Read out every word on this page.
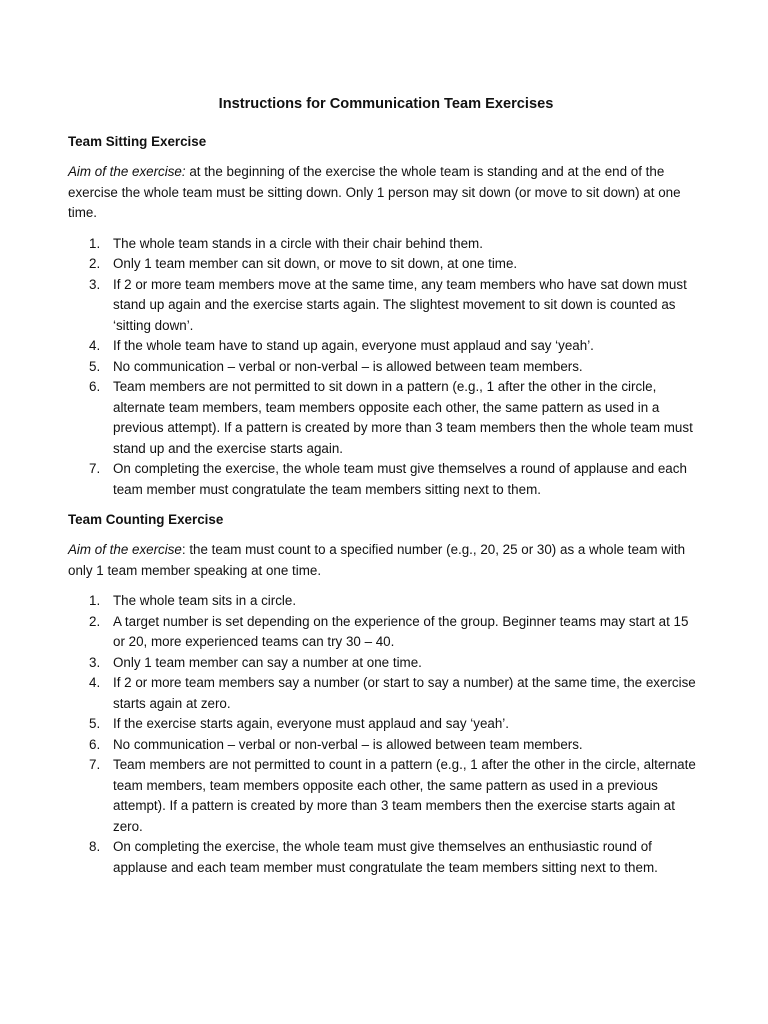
Instructions for Communication Team Exercises
Team Sitting Exercise

Aim of the exercise: at the beginning of the exercise the whole team is standing and at the end of the exercise the whole team must be sitting down. Only 1 person may sit down (or move to sit down) at one time.

1. The whole team stands in a circle with their chair behind them.
2. Only 1 team member can sit down, or move to sit down, at one time.
3. If 2 or more team members move at the same time, any team members who have sat down must stand up again and the exercise starts again. The slightest movement to sit down is counted as ‘sitting down’.
4. If the whole team have to stand up again, everyone must applaud and say ‘yeah’.
5. No communication – verbal or non-verbal – is allowed between team members.
6. Team members are not permitted to sit down in a pattern (e.g., 1 after the other in the circle, alternate team members, team members opposite each other, the same pattern as used in a previous attempt). If a pattern is created by more than 3 team members then the whole team must stand up and the exercise starts again.
7. On completing the exercise, the whole team must give themselves a round of applause and each team member must congratulate the team members sitting next to them.
Team Counting Exercise

Aim of the exercise: the team must count to a specified number (e.g., 20, 25 or 30) as a whole team with only 1 team member speaking at one time.

1. The whole team sits in a circle.
2. A target number is set depending on the experience of the group. Beginner teams may start at 15 or 20, more experienced teams can try 30 – 40.
3. Only 1 team member can say a number at one time.
4. If 2 or more team members say a number (or start to say a number) at the same time, the exercise starts again at zero.
5. If the exercise starts again, everyone must applaud and say ‘yeah’.
6. No communication – verbal or non-verbal – is allowed between team members.
7. Team members are not permitted to count in a pattern (e.g., 1 after the other in the circle, alternate team members, team members opposite each other, the same pattern as used in a previous attempt). If a pattern is created by more than 3 team members then the exercise starts again at zero.
8. On completing the exercise, the whole team must give themselves an enthusiastic round of applause and each team member must congratulate the team members sitting next to them.
